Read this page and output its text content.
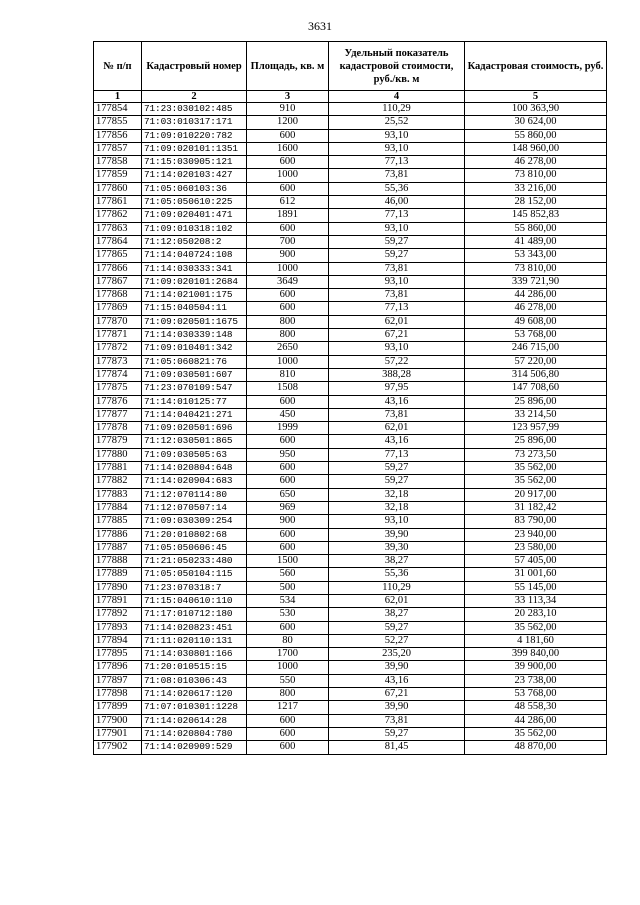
3631
№ п/п	Кадастровый номер	Площадь, кв. м	Удельный показатель кадастровой стоимости, руб./кв. м	Кадастровая стоимость, руб.
1	2	3	4	5
177854	71:23:030102:485	910	110,29	100 363,90
177855	71:03:010317:171	1200	25,52	30 624,00
177856	71:09:010220:782	600	93,10	55 860,00
177857	71:09:020101:1351	1600	93,10	148 960,00
177858	71:15:030905:121	600	77,13	46 278,00
177859	71:14:020103:427	1000	73,81	73 810,00
177860	71:05:060103:36	600	55,36	33 216,00
177861	71:05:050610:225	612	46,00	28 152,00
177862	71:09:020401:471	1891	77,13	145 852,83
177863	71:09:010318:102	600	93,10	55 860,00
177864	71:12:050208:2	700	59,27	41 489,00
177865	71:14:040724:108	900	59,27	53 343,00
177866	71:14:030333:341	1000	73,81	73 810,00
177867	71:09:020101:2684	3649	93,10	339 721,90
177868	71:14:021001:175	600	73,81	44 286,00
177869	71:15:040504:11	600	77,13	46 278,00
177870	71:09:020501:1675	800	62,01	49 608,00
177871	71:14:030339:148	800	67,21	53 768,00
177872	71:09:010401:342	2650	93,10	246 715,00
177873	71:05:060821:76	1000	57,22	57 220,00
177874	71:09:030501:607	810	388,28	314 506,80
177875	71:23:070109:547	1508	97,95	147 708,60
177876	71:14:010125:77	600	43,16	25 896,00
177877	71:14:040421:271	450	73,81	33 214,50
177878	71:09:020501:696	1999	62,01	123 957,99
177879	71:12:030501:865	600	43,16	25 896,00
177880	71:09:030505:63	950	77,13	73 273,50
177881	71:14:020804:648	600	59,27	35 562,00
177882	71:14:020904:683	600	59,27	35 562,00
177883	71:12:070114:80	650	32,18	20 917,00
177884	71:12:070507:14	969	32,18	31 182,42
177885	71:09:030309:254	900	93,10	83 790,00
177886	71:20:010802:68	600	39,90	23 940,00
177887	71:05:050606:45	600	39,30	23 580,00
177888	71:21:050233:480	1500	38,27	57 405,00
177889	71:05:050104:115	560	55,36	31 001,60
177890	71:23:070318:7	500	110,29	55 145,00
177891	71:15:040610:110	534	62,01	33 113,34
177892	71:17:010712:180	530	38,27	20 283,10
177893	71:14:020823:451	600	59,27	35 562,00
177894	71:11:020110:131	80	52,27	4 181,60
177895	71:14:030801:166	1700	235,20	399 840,00
177896	71:20:010515:15	1000	39,90	39 900,00
177897	71:08:010306:43	550	43,16	23 738,00
177898	71:14:020617:120	800	67,21	53 768,00
177899	71:07:010301:1228	1217	39,90	48 558,30
177900	71:14:020614:28	600	73,81	44 286,00
177901	71:14:020804:780	600	59,27	35 562,00
177902	71:14:020909:529	600	81,45	48 870,00
